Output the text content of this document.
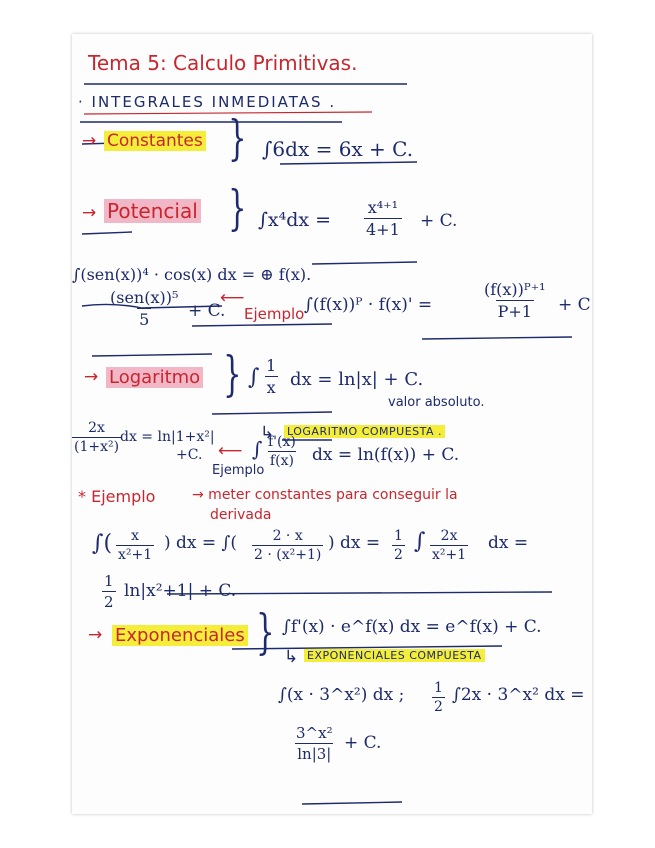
Tema 5: Calculo Primitivas.
· INTEGRALES INMEDIATAS .
→ Constantes } ∫6dx = 6x + C.
→ Potencial } $\int x^4dx = \frac{\text{x⁴⁺¹}}{4+1} + C$.
∫(sen(x))⁴ · cos(x) dx = ⊕ f(x).
(sen(x))⁵
5 + C.
⟵
Ejemplo ∫(f(x))ᴾ · f(x)' =	$\frac{\text{(f(x))ᴾ⁺¹}}{P+1} + C$
→ Logaritmo } ∫ $\frac{1}{x}$ dx = ln|x| + C.
valor absoluto.
↳ LOGARITMO COMPUESTA .
$\frac{2x}{\text{(1+x²)}}$
dx = ln|1+x²|
+C. ⟵
Ejemplo
∫ $\frac{f'(x)}{f(x)}$ dx = ln(f(x)) + C.
* Ejemplo	→ meter constantes para conseguir la
derivada
∫( $\frac{x}{\text{x²+1}}$ ) dx = ∫( $\frac{2 \cdot x}{\text{2 · (x²+1)}}$ ) dx = $\frac{1}{2}$ ∫ $\frac{2x}{\text{x²+1}}$ dx =
$\frac{1}{2} \ln|x^2+1| + C$.
→ Exponenciales } ∫f'(x) · e^f(x) dx = e^f(x) + C.
↳ EXPONENCIALES COMPUESTA
∫(x · 3^x²) dx ; $\frac{1}{2} \int 2x$ · 3^x² dx =
$\frac{\text{3\textasciicircum{}x²}}{\ln|3|} + C$.
